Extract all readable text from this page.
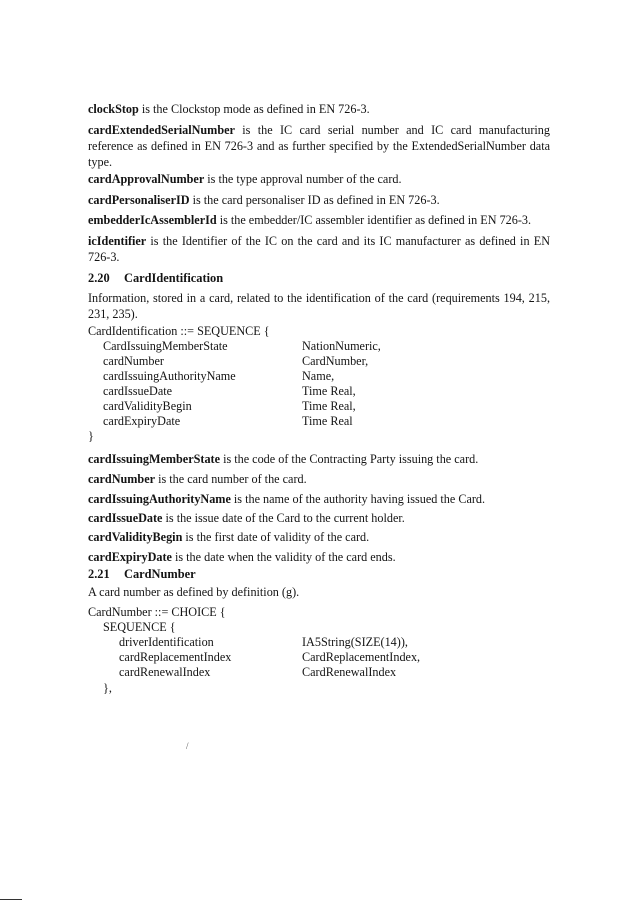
clockStop is the Clockstop mode as defined in EN 726-3.

cardExtendedSerialNumber is the IC card serial number and IC card manufacturing reference as defined in EN 726-3 and as further specified by the ExtendedSerialNumber data type.

cardApprovalNumber is the type approval number of the card.

cardPersonaliserID is the card personaliser ID as defined in EN 726-3.

embedderIcAssemblerId is the embedder/IC assembler identifier as defined in EN 726-3.

icIdentifier is the Identifier of the IC on the card and its IC manufacturer as defined in EN 726-3.

2.20 CardIdentification

Information, stored in a card, related to the identification of the card (requirements 194, 215, 231, 235).

CardIdentification ::= SEQUENCE {

CardIssuingMemberState	NationNumeric,

cardNumber	CardNumber,

cardIssuingAuthorityName	Name,

cardIssueDate	Time Real,

cardValidityBegin	Time Real,

cardExpiryDate	Time Real

}

cardIssuingMemberState is the code of the Contracting Party issuing the card.

cardNumber is the card number of the card.

cardIssuingAuthorityName is the name of the authority having issued the Card.

cardIssueDate is the issue date of the Card to the current holder.

cardValidityBegin is the first date of validity of the card.

cardExpiryDate is the date when the validity of the card ends.

2.21 CardNumber

A card number as defined by definition (g).

CardNumber ::= CHOICE {

SEQUENCE {

driverIdentification	IA5String(SIZE(14)),

cardReplacementIndex	CardReplacementIndex,

cardRenewalIndex	CardRenewalIndex

},

/
